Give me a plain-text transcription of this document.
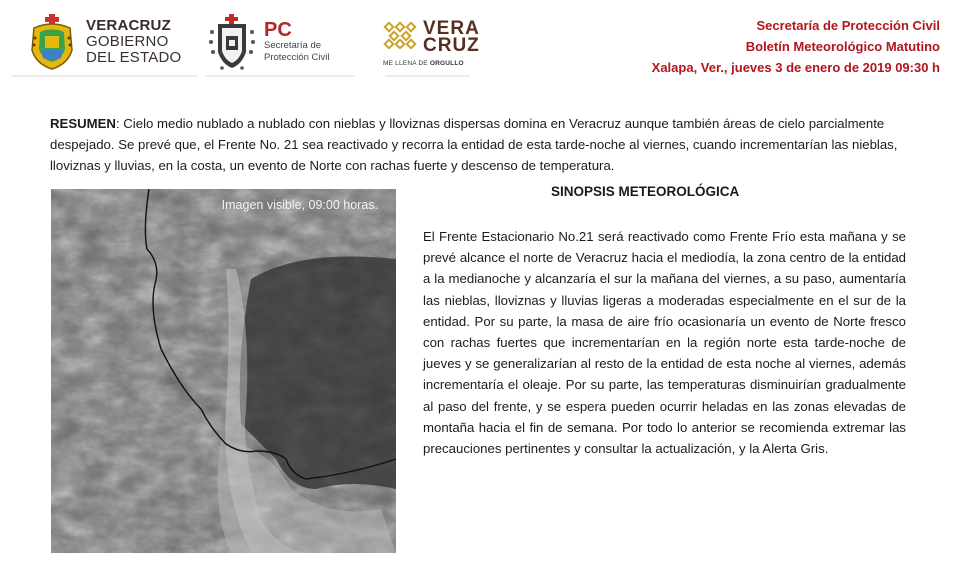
VERACRUZ
GOBIERNO
DEL ESTADO
PC
Secretaría de
Protección Civil
VERA
CRUZ
ME LLENA DE ORGULLO
Secretaría de Protección Civil
Boletín Meteorológico Matutino
Xalapa, Ver., jueves 3 de enero de 2019 09:30 h
RESUMEN: Cielo medio nublado a nublado con nieblas y lloviznas dispersas domina en Veracruz aunque también áreas de cielo parcialmente despejado. Se prevé que, el Frente No. 21 sea reactivado y recorra la entidad de esta tarde-noche al viernes, cuando incrementarían las nieblas, lloviznas y lluvias, en la costa, un evento de Norte con rachas fuerte y descenso de temperatura.
Imagen visible, 09:00 horas.
SINOPSIS METEOROLÓGICA
El Frente Estacionario No.21 será reactivado como Frente Frío esta mañana y se prevé alcance el norte de Veracruz hacia el mediodía, la zona centro de la entidad a la medianoche y alcanzaría el sur la mañana del viernes, a su paso, aumentaría las nieblas, lloviznas y lluvias ligeras a moderadas especialmente en el sur de la entidad. Por su parte, la masa de aire frío ocasionaría un evento de Norte fresco con rachas fuertes que incrementarían en la región norte esta tarde-noche de jueves y se generalizarían al resto de la entidad de esta noche al viernes, además incrementaría el oleaje. Por su parte, las temperaturas disminuirían gradualmente al paso del frente, y se espera pueden ocurrir heladas en las zonas elevadas de montaña hacia el fin de semana. Por todo lo anterior se recomienda extremar las precauciones pertinentes y consultar la actualización, y la Alerta Gris.
